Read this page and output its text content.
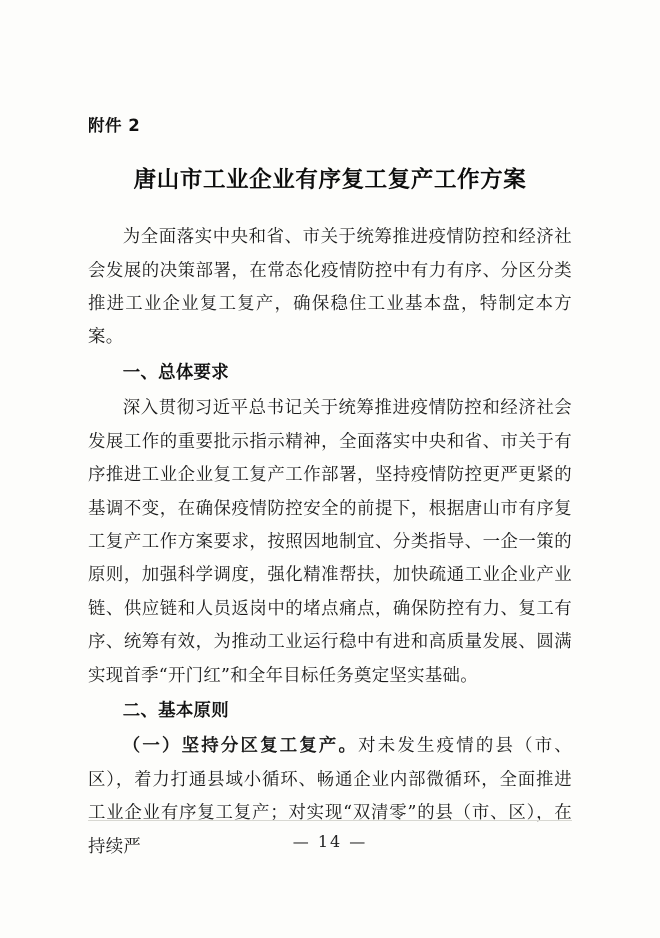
附件 2
唐山市工业企业有序复工复产工作方案

为全面落实中央和省、市关于统筹推进疫情防控和经济社会发展的决策部署，在常态化疫情防控中有力有序、分区分类推进工业企业复工复产，确保稳住工业基本盘，特制定本方案。

一、总体要求

深入贯彻习近平总书记关于统筹推进疫情防控和经济社会发展工作的重要批示指示精神，全面落实中央和省、市关于有序推进工业企业复工复产工作部署，坚持疫情防控更严更紧的基调不变，在确保疫情防控安全的前提下，根据唐山市有序复工复产工作方案要求，按照因地制宜、分类指导、一企一策的原则，加强科学调度，强化精准帮扶，加快疏通工业企业产业链、供应链和人员返岗中的堵点痛点，确保防控有力、复工有序、统筹有效，为推动工业运行稳中有进和高质量发展、圆满实现首季“开门红”和全年目标任务奠定坚实基础。

二、基本原则

（一）坚持分区复工复产。对未发生疫情的县（市、区），着力打通县域小循环、畅通企业内部微循环，全面推进工业企业有序复工复产；对实现“双清零”的县（市、区），在持续严	— 14 —
